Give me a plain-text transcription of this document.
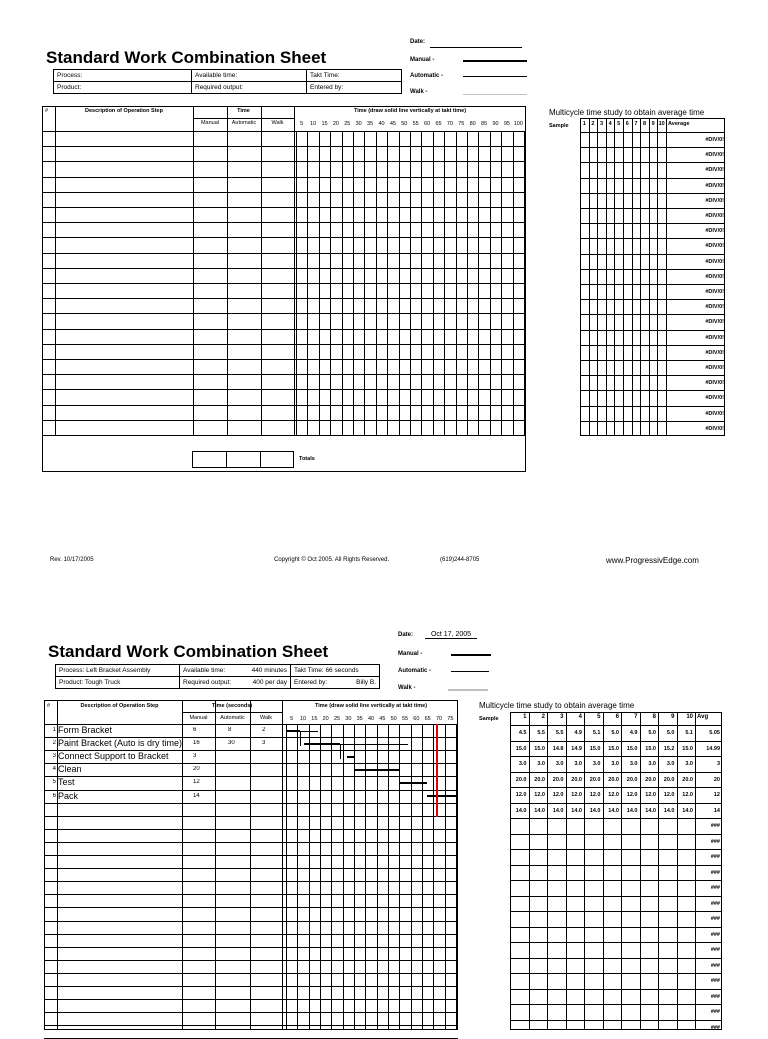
Standard Work Combination Sheet
Date:
Manual -
Automatic -
Walk -
Process:	Available time:	Takt Time:
Product:	Required output:	Entered by:
#	Description of Operation Step	Time
Manual	Automatic	Walk
Time (draw solid line vertically at takt time)
5	10 15 20 25 30 35 40 45 50 55 60 65 70 75 80 85 90 95 100
Totals
Multicycle time study to obtain average time
Sample	1	2	3	4	5	6	7	8	9 10 Average
#DIV/0!
#DIV/0!
#DIV/0!
#DIV/0!
#DIV/0!
#DIV/0!
#DIV/0!
#DIV/0!
#DIV/0!
#DIV/0!
#DIV/0!
#DIV/0!
#DIV/0!
#DIV/0!
#DIV/0!
#DIV/0!
#DIV/0!
#DIV/0!
#DIV/0!
#DIV/0!
Rev. 10/17/2005	Copyright © Oct 2005. All Rights Reserved.	(619)244-8705	www.ProgressivEdge.com
Standard Work Combination Sheet
Date:	Oct 17, 2005
Manual -
Automatic -
Walk -
Process: Left Bracket Assembly	Available time: 440 minutes	Takt Time: 66 seconds
Product: Tough Truck	Required output: 400 per day	Entered by: Billy B.
#	Description of Operation Step	Time (seconds)
Manual	Automatic	Walk
Time (draw solid line vertically at takt time)
5	10 15 20 25 30 35 40 45 50 55 60 65 70 75
1 Form Bracket	6	8	2
2 Paint Bracket (Auto is dry time) 16	30	3
3 Connect Support to Bracket	3
4 Clean	20
5 Test	12
6 Pack	14
Multicycle time study to obtain average time
Sample	1	2	3	4	5	6	7	8	9	10 Avg
4.5	5.5	5.5	4.9	5.1	5.0	4.9	5.0	5.0	5.1	5.05
15.0	15.0	14.8	14.9	15.0	15.0	15.0	15.0	15.2	15.0	14.99
3.0	3.0	3.0	3.0	3.0	3.0	3.0	3.0	3.0	3.0	3
20.0	20.0	20.0	20.0	20.0	20.0	20.0	20.0	20.0	20.0	20
12.0	12.0	12.0	12.0	12.0	12.0	12.0	12.0	12.0	12.0	12
14.0	14.0	14.0	14.0	14.0	14.0	14.0	14.0	14.0	14.0	14
###
###
###
###
###
###
###
###
###
###
###
###
###
###
